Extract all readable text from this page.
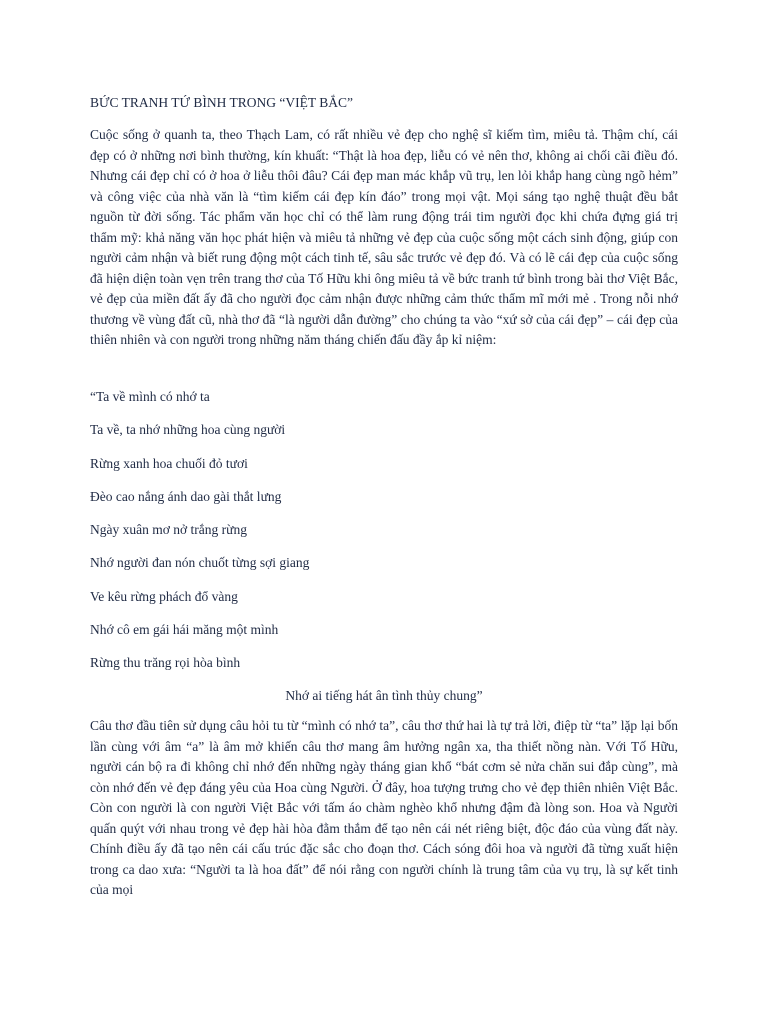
BỨC TRANH TỨ BÌNH TRONG “VIỆT BẮC”

Cuộc sống ở quanh ta, theo Thạch Lam, có rất nhiều vẻ đẹp cho nghệ sĩ kiếm tìm, miêu tả. Thậm chí, cái đẹp có ở những nơi bình thường, kín khuất: “Thật là hoa đẹp, liễu có vẻ nên thơ, không ai chối cãi điều đó. Nhưng cái đẹp chỉ có ở hoa ở liễu thôi đâu? Cái đẹp man mác khắp vũ trụ, len lỏi khắp hang cùng ngõ hẻm” và công việc của nhà văn là “tìm kiếm cái đẹp kín đáo” trong mọi vật. Mọi sáng tạo nghệ thuật đều bắt nguồn từ đời sống. Tác phẩm văn học chỉ có thể làm rung động trái tim người đọc khi chứa đựng giá trị thẩm mỹ: khả năng văn học phát hiện và miêu tả những vẻ đẹp của cuộc sống một cách sinh động, giúp con người cảm nhận và biết rung động một cách tinh tế, sâu sắc trước vẻ đẹp đó. Và có lẽ cái đẹp của cuộc sống đã hiện diện toàn vẹn trên trang thơ của Tố Hữu khi ông miêu tả về bức tranh tứ bình trong bài thơ Việt Bắc, vẻ đẹp của miền đất ấy đã cho người đọc cảm nhận được những cảm thức thẩm mĩ mới mẻ . Trong nỗi nhớ thương về vùng đất cũ, nhà thơ đã “là người dẫn đường” cho chúng ta vào “xứ sở của cái đẹp” – cái đẹp của thiên nhiên và con người trong những năm tháng chiến đấu đầy ắp kỉ niệm:

“Ta về mình có nhớ ta

Ta về, ta nhớ những hoa cùng người

Rừng xanh hoa chuối đỏ tươi

Đèo cao nắng ánh dao gài thắt lưng

Ngày xuân mơ nở trắng rừng

Nhớ người đan nón chuốt từng sợi giang

Ve kêu rừng phách đổ vàng

Nhớ cô em gái hái măng một mình

Rừng thu trăng rọi hòa bình

Nhớ ai tiếng hát ân tình thủy chung”

Câu thơ đầu tiên sử dụng câu hỏi tu từ “mình có nhớ ta”, câu thơ thứ hai là tự trả lời, điệp từ “ta” lặp lại bốn lần cùng với âm “a” là âm mở khiến câu thơ mang âm hưởng ngân xa, tha thiết nồng nàn. Với Tố Hữu, người cán bộ ra đi không chỉ nhớ đến những ngày tháng gian khổ “bát cơm sẻ nửa chăn sui đắp cùng”, mà còn nhớ đến vẻ đẹp đáng yêu của Hoa cùng Người. Ở đây, hoa tượng trưng cho vẻ đẹp thiên nhiên Việt Bắc. Còn con người là con người Việt Bắc với tấm áo chàm nghèo khổ nhưng đậm đà lòng son. Hoa và Người quấn quýt với nhau trong vẻ đẹp hài hòa đằm thắm để tạo nên cái nét riêng biệt, độc đáo của vùng đất này. Chính điều ấy đã tạo nên cái cấu trúc đặc sắc cho đoạn thơ. Cách sóng đôi hoa và người đã từng xuất hiện trong ca dao xưa: “Người ta là hoa đất” để nói rằng con người chính là trung tâm của vụ trụ, là sự kết tinh của mọi
